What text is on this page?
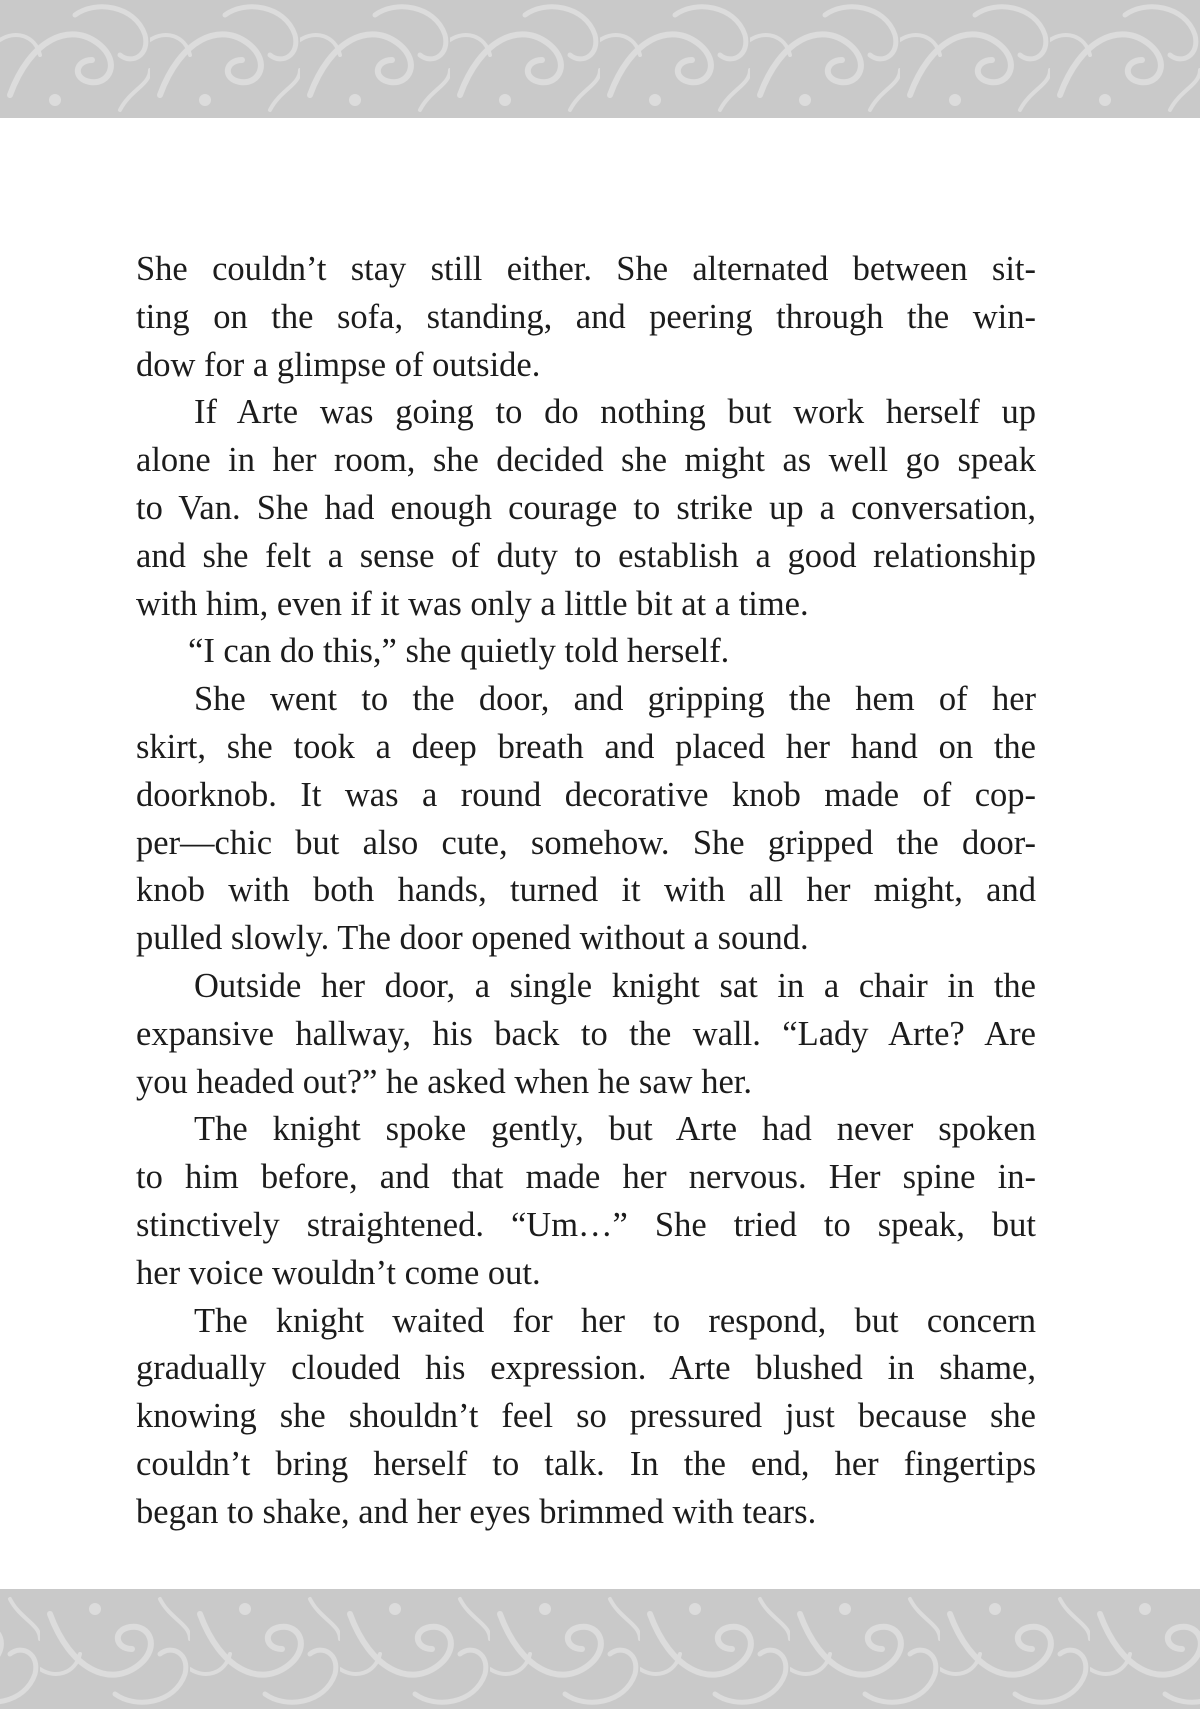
She couldn’t stay still either. She alternated between sit-
ting on the sofa, standing, and peering through the win-
dow for a glimpse of outside.
If Arte was going to do nothing but work herself up
alone in her room, she decided she might as well go speak
to Van. She had enough courage to strike up a conversation,
and she felt a sense of duty to establish a good relationship
with him, even if it was only a little bit at a time.
“I can do this,” she quietly told herself.
She went to the door, and gripping the hem of her
skirt, she took a deep breath and placed her hand on the
doorknob. It was a round decorative knob made of cop-
per—chic but also cute, somehow. She gripped the door-
knob with both hands, turned it with all her might, and
pulled slowly. The door opened without a sound.
Outside her door, a single knight sat in a chair in the
expansive hallway, his back to the wall. “Lady Arte? Are
you headed out?” he asked when he saw her.
The knight spoke gently, but Arte had never spoken
to him before, and that made her nervous. Her spine in-
stinctively straightened. “Um…” She tried to speak, but
her voice wouldn’t come out.
The knight waited for her to respond, but concern
gradually clouded his expression. Arte blushed in shame,
knowing she shouldn’t feel so pressured just because she
couldn’t bring herself to talk. In the end, her fingertips
began to shake, and her eyes brimmed with tears.
